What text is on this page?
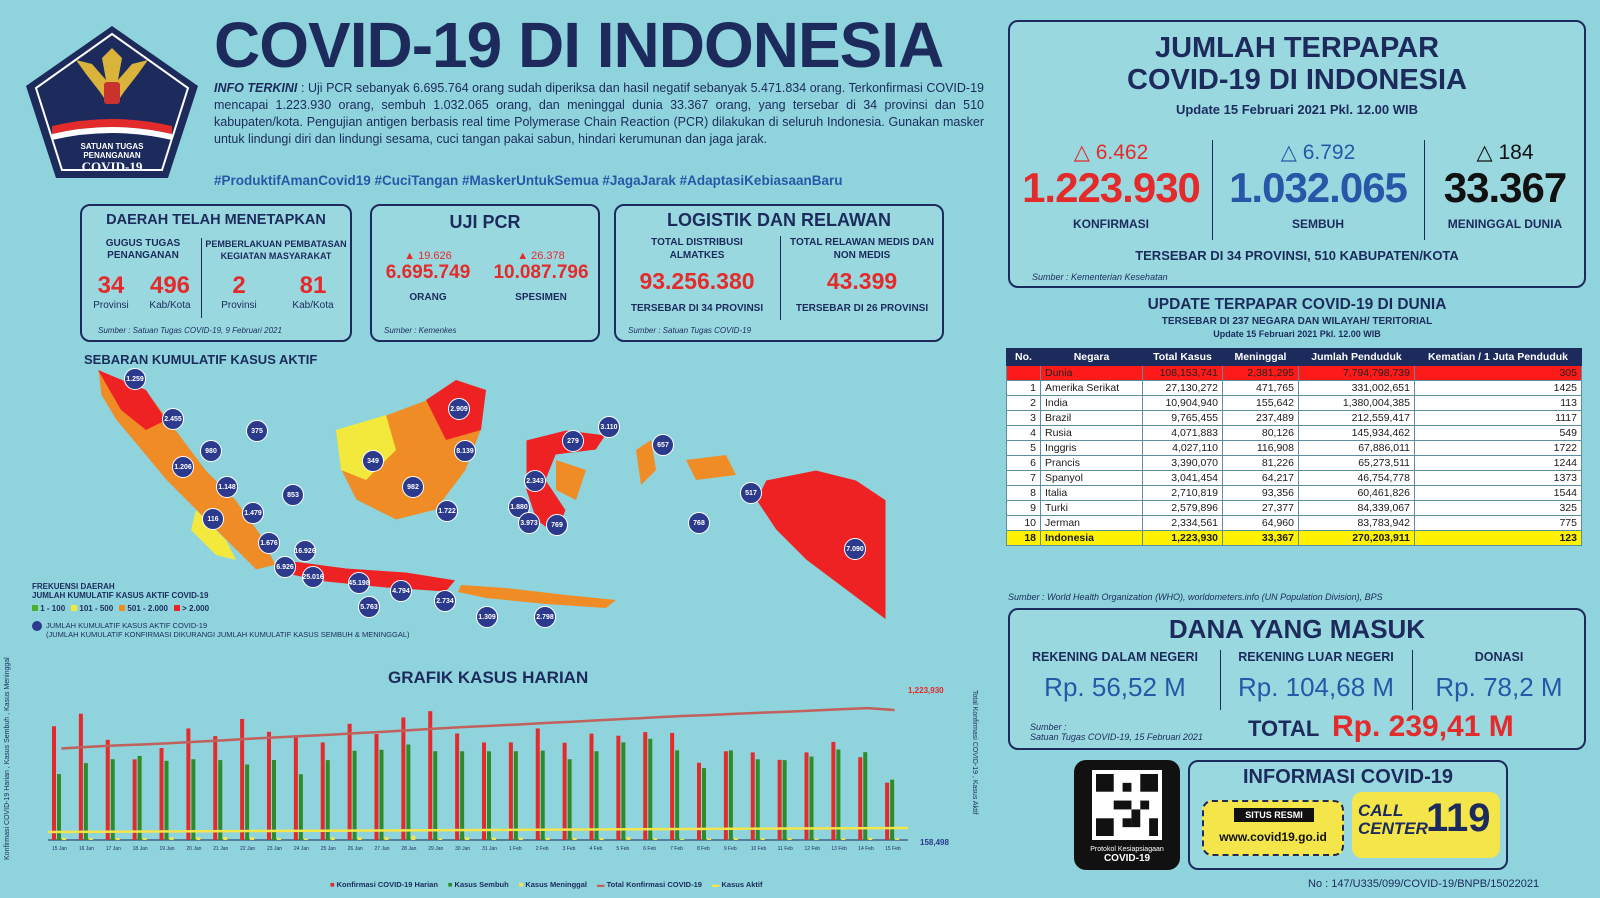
SATUAN TUGAS
PENANGANAN
COVID-19
COVID-19 DI INDONESIA
INFO TERKINI : Uji PCR sebanyak 6.695.764 orang sudah diperiksa dan hasil negatif sebanyak 5.471.834 orang. Terkonfirmasi COVID-19 mencapai 1.223.930 orang, sembuh 1.032.065 orang, dan meninggal dunia 33.367 orang, yang tersebar di 34 provinsi dan 510 kabupaten/kota. Pengujian antigen berbasis real time Polymerase Chain Reaction (PCR) dilakukan di seluruh Indonesia. Gunakan masker untuk lindungi diri dan lindungi sesama, cuci tangan pakai sabun, hindari kerumunan dan jaga jarak.
#ProduktifAmanCovid19 #CuciTangan #MaskerUntukSemua #JagaJarak #AdaptasiKebiasaanBaru
DAERAH TELAH MENETAPKAN
GUGUS TUGAS PENANGANAN
PEMBERLAKUAN PEMBATASAN KEGIATAN MASYARAKAT
34
Provinsi
496
Kab/Kota
2
Provinsi
81
Kab/Kota
Sumber : Satuan Tugas COVID-19, 9 Februari 2021
UJI PCR
▲ 19.626
6.695.749
ORANG
▲ 26.378
10.087.796
SPESIMEN
Sumber : Kemenkes
LOGISTIK DAN RELAWAN
TOTAL DISTRIBUSI ALMATKES
93.256.380
TERSEBAR DI 34 PROVINSI
TOTAL RELAWAN MEDIS DAN NON MEDIS
43.399
TERSEBAR DI 26 PROVINSI
Sumber : Satuan Tugas COVID-19
SEBARAN KUMULATIF KASUS AKTIF
1.259
2.455
1.206
980
375
1.148
116
1.479
853
1.676
16.926
6.926
25.016
45.198
5.763
4.794
349
982
1.722
2.909
8.139
279
3.110
2.343
1.880
3.973	769
2.734
1.309	2.798
657
517
768
7.090
FREKUENSI DAERAH
JUMLAH KUMULATIF KASUS AKTIF COVID-19
1 - 100	101 - 500	501 - 2.000	> 2.000
JUMLAH KUMULATIF KASUS AKTIF COVID-19
(JUMLAH KUMULATIF KONFIRMASI DIKURANGI JUMLAH KUMULATIF KASUS SEMBUH & MENINGGAL)
GRAFIK KASUS HARIAN
Konfirmasi COVID-19 Harian , Kasus Sembuh , Kasus Meninggal	Total Konfirmasi COVID-19 , Kasus Aktif
15 Jan 16 Jan 17 Jan 18 Jan 19 Jan 20 Jan 21 Jan 22 Jan 23 Jan 24 Jan 25 Jan 26 Jan 27 Jan 28 Jan 29 Jan 30 Jan 31 Jan 1 Feb	2 Feb	3 Feb	4 Feb	5 Feb	6 Feb	7 Feb	8 Feb	9 Feb	10 Feb 11 Feb 12 Feb 13 Feb 14 Feb 15 Feb
1,223,930
158,498
■ Konfirmasi COVID-19 Harian ■ Kasus Sembuh ■ Kasus Meninggal ▬ Total Konfirmasi COVID-19 ▬ Kasus Aktif
JUMLAH TERPAPAR
COVID-19 DI INDONESIA
Update 15 Februari 2021 Pkl. 12.00 WIB
△ 6.462
1.223.930
KONFIRMASI
△ 6.792
1.032.065
SEMBUH
△ 184
33.367
MENINGGAL DUNIA
TERSEBAR DI 34 PROVINSI, 510 KABUPATEN/KOTA
Sumber : Kementerian Kesehatan
UPDATE TERPAPAR COVID-19 DI DUNIA
TERSEBAR DI 237 NEGARA DAN WILAYAH/ TERITORIAL
Update 15 Februari 2021 Pkl. 12.00 WIB
No.	Negara	Total Kasus	Meninggal	Jumlah Penduduk	Kematian / 1 Juta Penduduk
	Dunia	108,153,741	2,381,295	7,794,798,739	305
1	Amerika Serikat	27,130,272	471,765	331,002,651	1425
2	India	10,904,940	155,642	1,380,004,385	113
3	Brazil	9,765,455	237,489	212,559,417	1117
4	Rusia	4,071,883	80,126	145,934,462	549
5	Inggris	4,027,110	116,908	67,886,011	1722
6	Prancis	3,390,070	81,226	65,273,511	1244
7	Spanyol	3,041,454	64,217	46,754,778	1373
8	Italia	2,710,819	93,356	60,461,826	1544
9	Turki	2,579,896	27,377	84,339,067	325
10	Jerman	2,334,561	64,960	83,783,942	775
18	Indonesia	1,223,930	33,367	270,203,911	123
Sumber : World Health Organization (WHO), worldometers.info (UN Population Division), BPS
DANA YANG MASUK
REKENING DALAM NEGERI
Rp. 56,52 M
REKENING LUAR NEGERI
Rp. 104,68 M
DONASI
Rp. 78,2 M
Sumber :
Satuan Tugas COVID-19, 15 Februari 2021 TOTAL Rp. 239,41 M
Protokol Kesiapsiagaan
COVID-19
INFORMASI COVID-19
SITUS RESMI
www.covid19.go.id
CALL
CENTER
119
No : 147/U335/099/COVID-19/BNPB/15022021
